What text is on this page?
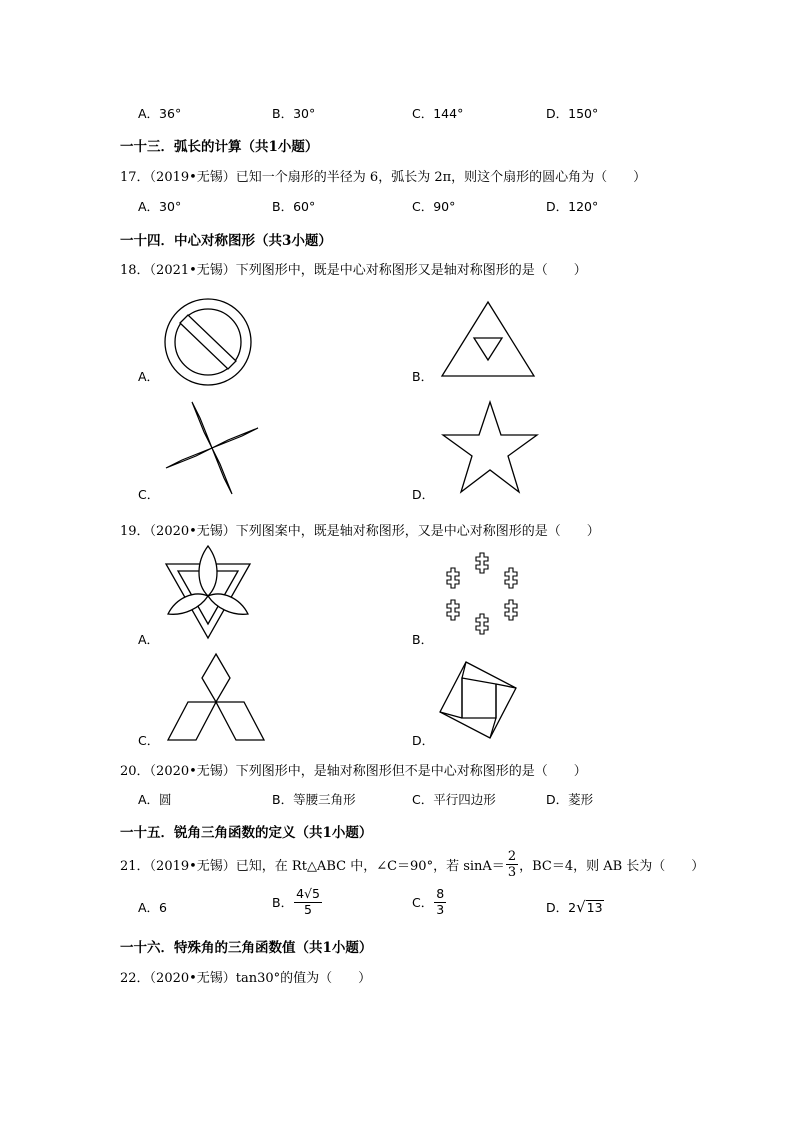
A．36°	B．30°	C．144°	D．150°
一十三．弧长的计算（共1小题）
17．（2019•无锡）已知一个扇形的半径为 6，弧长为 2π，则这个扇形的圆心角为（　　）
A．30°	B．60°	C．90°	D．120°
一十四．中心对称图形（共3小题）
18．（2021•无锡）下列图形中，既是中心对称图形又是轴对称图形的是（　　）
A．	B．
C．	D．
19．（2020•无锡）下列图案中，既是轴对称图形，又是中心对称图形的是（　　）
A．	B．
C．	D．
20．（2020•无锡）下列图形中，是轴对称图形但不是中心对称图形的是（　　）
A．圆	B．等腰三角形	C．平行四边形	D．菱形
一十五．锐角三角函数的定义（共1小题）
21．（2019•无锡）已知，在 Rt△ABC 中，∠C＝90°，若 $\sin A= \frac{2}{3}$ ，BC＝4，则 AB 长为（　　）
A．6	B． $\frac{4√5}{5}$	C． $\frac{8}{3}$	D． 2 √ 13
一十六．特殊角的三角函数值（共1小题）
22．（2020•无锡）tan30°的值为（　　）
